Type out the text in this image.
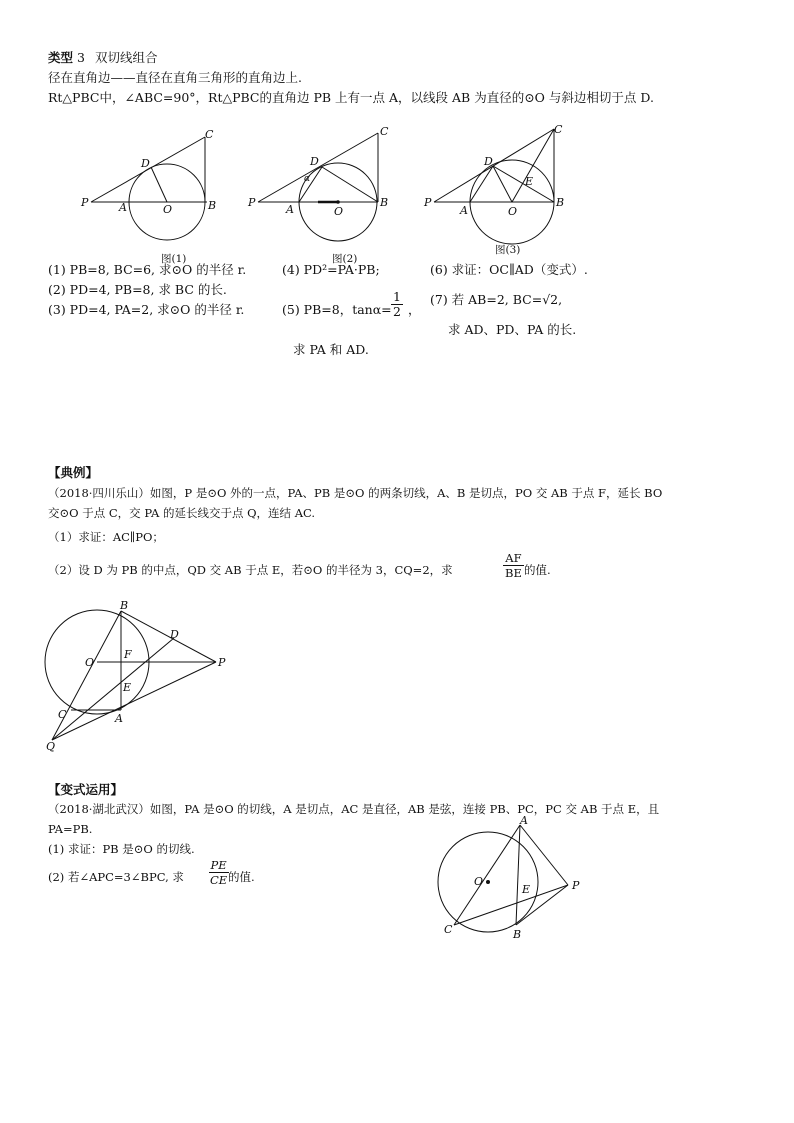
类型 3 双切线组合
径在直角边——直径在直角三角形的直角边上.
Rt△PBC中，∠ABC=90°，Rt△PBC的直角边 PB 上有一点 A，以线段 AB 为直径的⊙O 与斜边相切于点 D.
P	A	O	B
C
D
图(1)
P
A	O
B
C
D
α
图(2)
P
A	O
B
C
D
E
图(3)
(1) PB=8, BC=6, 求⊙O 的半径 r.
(2) PD=4, PB=8, 求 BC 的长.
(3) PD=4, PA=2, 求⊙O 的半径 r.
(4) PD²=PA·PB;
(5) PB=8，$\tan\alpha= \frac{1}{2}$ ，
求 PA 和 AD.
(6) 求证：OC∥AD（变式）.
(7) 若 AB=2, BC=√2,
求 AD、PD、PA 的长.
【典例】
（2018·四川乐山）如图，P 是⊙O 外的一点，PA、PB 是⊙O 的两条切线，A、B 是切点，PO 交 AB 于点 F，延长 BO
交⊙O 于点 C，交 PA 的延长线交于点 Q，连结 AC.
（1）求证：AC∥PO；
（2）设 D 为 PB 的中点，QD 交 AB 于点 E，若⊙O 的半径为 3，CQ=2，求	$\frac{AF}{BE}$ 的值.
B
D
O
F
P
E
C	A
Q
【变式运用】
（2018·湖北武汉）如图，PA 是⊙O 的切线，A 是切点，AC 是直径，AB 是弦，连接 PB、PC，PC 交 AB 于点 E，且
PA=PB.
(1) 求证：PB 是⊙O 的切线.
(2) 若∠APC=3∠BPC, 求 $\frac{PE}{CE}$
的值.
A
O
E	P
C	B
